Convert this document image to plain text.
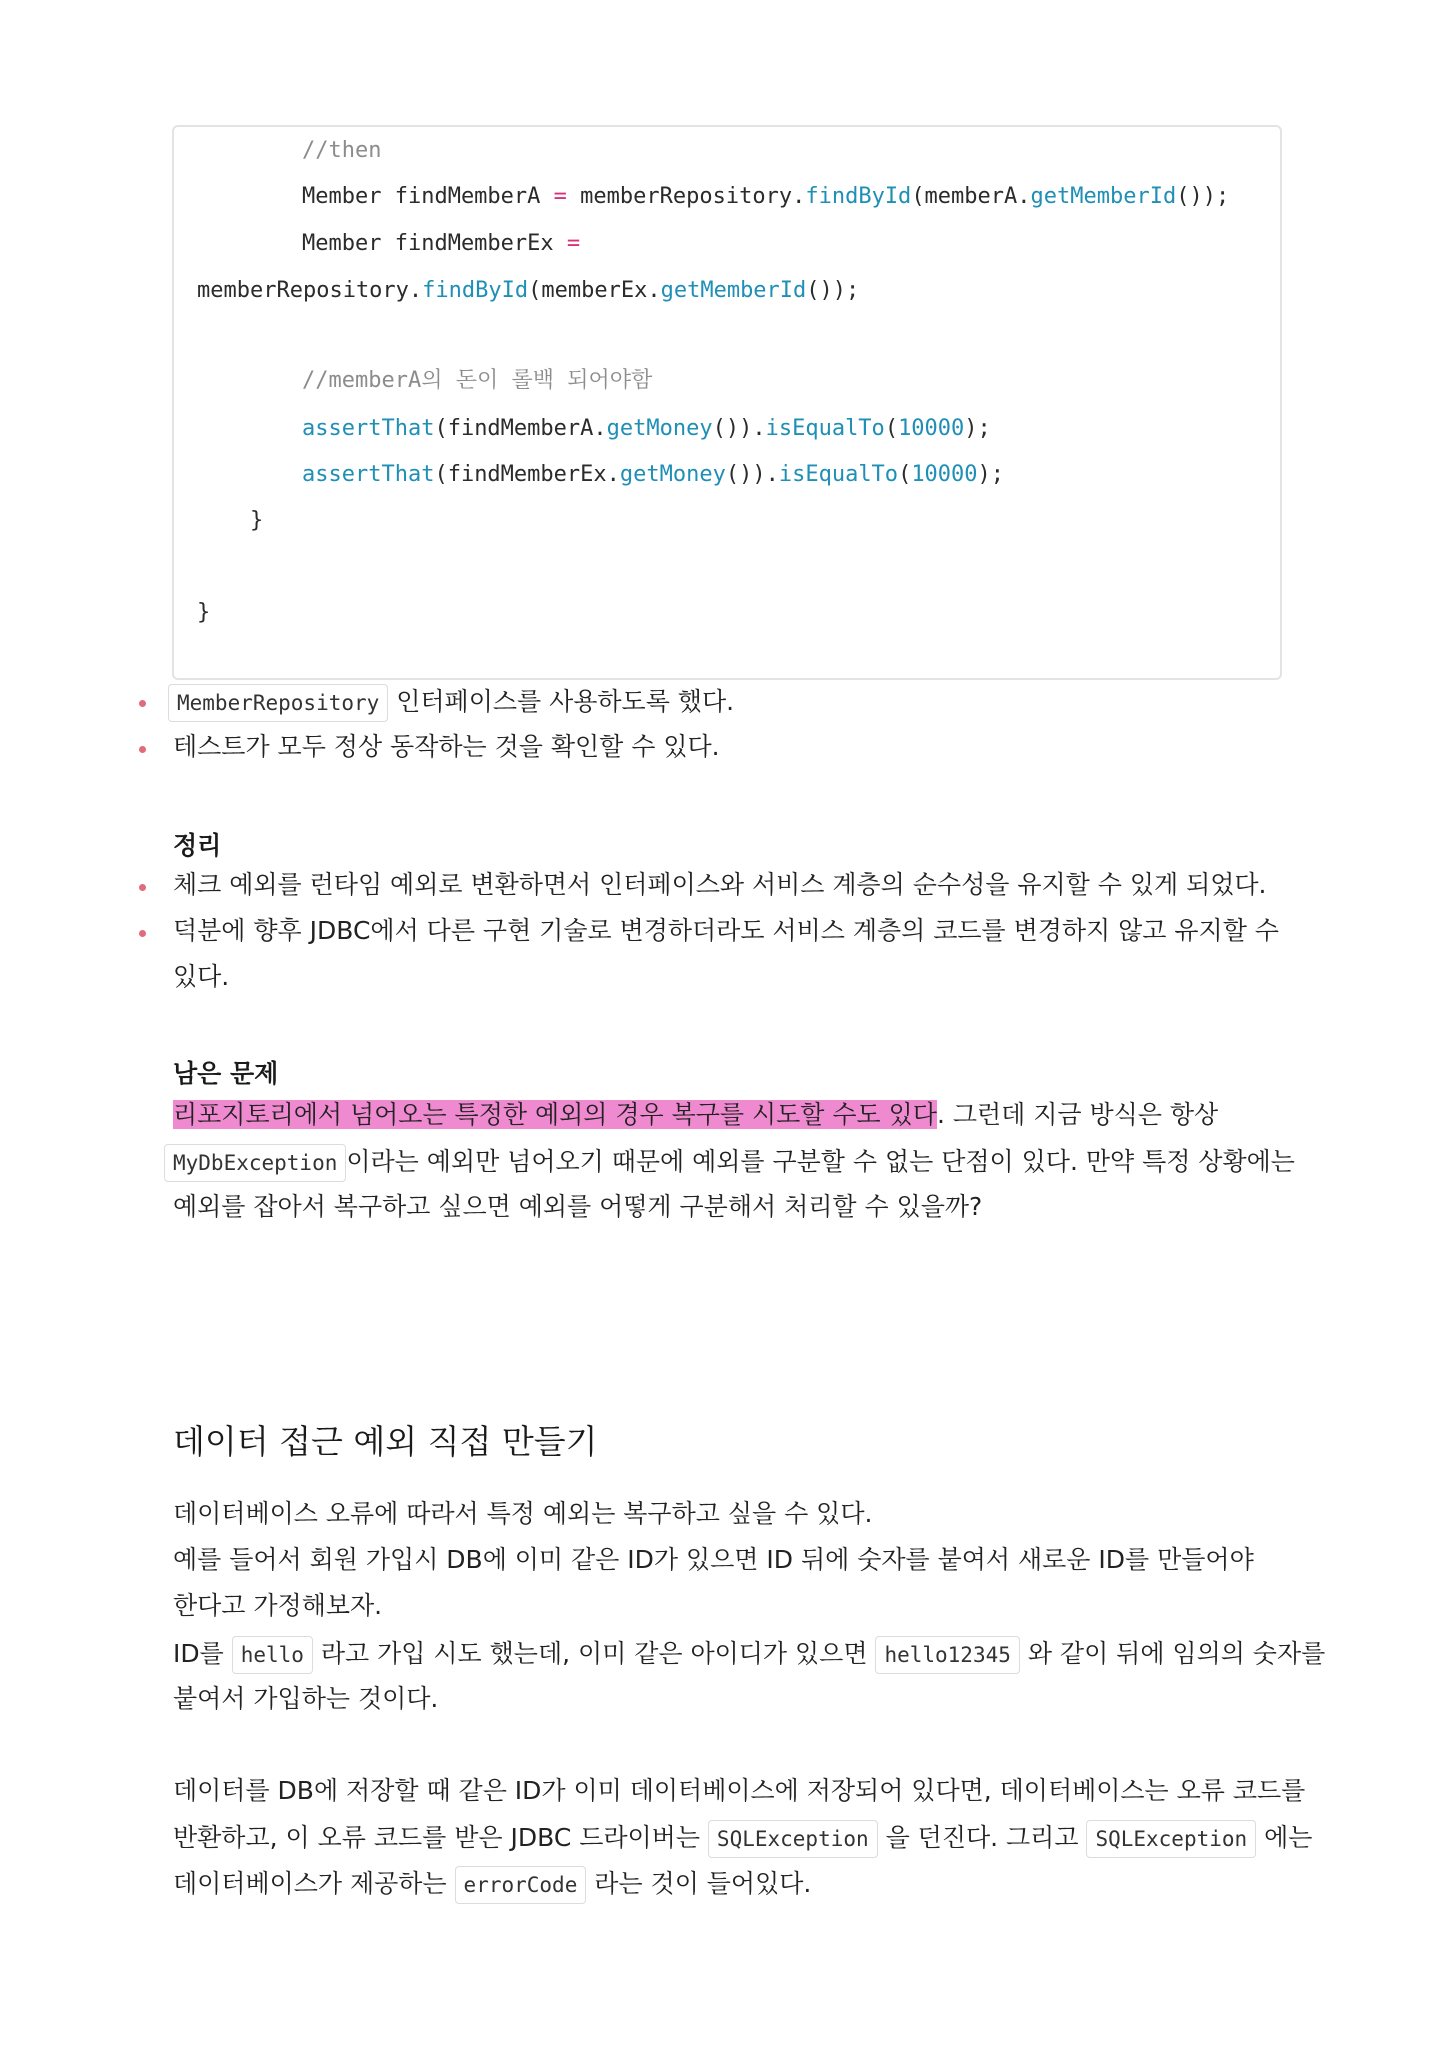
//then
Member findMemberA = memberRepository.findById(memberA.getMemberId());
Member findMemberEx =
memberRepository.findById(memberEx.getMemberId());
//memberA의 돈이 롤백 되어야함
assertThat(findMemberA.getMoney()).isEqualTo(10000);
assertThat(findMemberEx.getMoney()).isEqualTo(10000);
}
}
MemberRepository 인터페이스를 사용하도록 했다.
테스트가 모두 정상 동작하는 것을 확인할 수 있다.
정리
체크 예외를 런타임 예외로 변환하면서 인터페이스와 서비스 계층의 순수성을 유지할 수 있게 되었다.
덕분에 향후 JDBC에서 다른 구현 기술로 변경하더라도 서비스 계층의 코드를 변경하지 않고 유지할 수
있다.
남은 문제
리포지토리에서 넘어오는 특정한 예외의 경우 복구를 시도할 수도 있다. 그런데 지금 방식은 항상
MyDbException 이라는 예외만 넘어오기 때문에 예외를 구분할 수 없는 단점이 있다. 만약 특정 상황에는
예외를 잡아서 복구하고 싶으면 예외를 어떻게 구분해서 처리할 수 있을까?
데이터 접근 예외 직접 만들기
데이터베이스 오류에 따라서 특정 예외는 복구하고 싶을 수 있다.
예를 들어서 회원 가입시 DB에 이미 같은 ID가 있으면 ID 뒤에 숫자를 붙여서 새로운 ID를 만들어야
한다고 가정해보자.
ID를 hello 라고 가입 시도 했는데, 이미 같은 아이디가 있으면 hello12345 와 같이 뒤에 임의의 숫자를
붙여서 가입하는 것이다.
데이터를 DB에 저장할 때 같은 ID가 이미 데이터베이스에 저장되어 있다면, 데이터베이스는 오류 코드를
반환하고, 이 오류 코드를 받은 JDBC 드라이버는 SQLException 을 던진다. 그리고 SQLException 에는
데이터베이스가 제공하는 errorCode 라는 것이 들어있다.
